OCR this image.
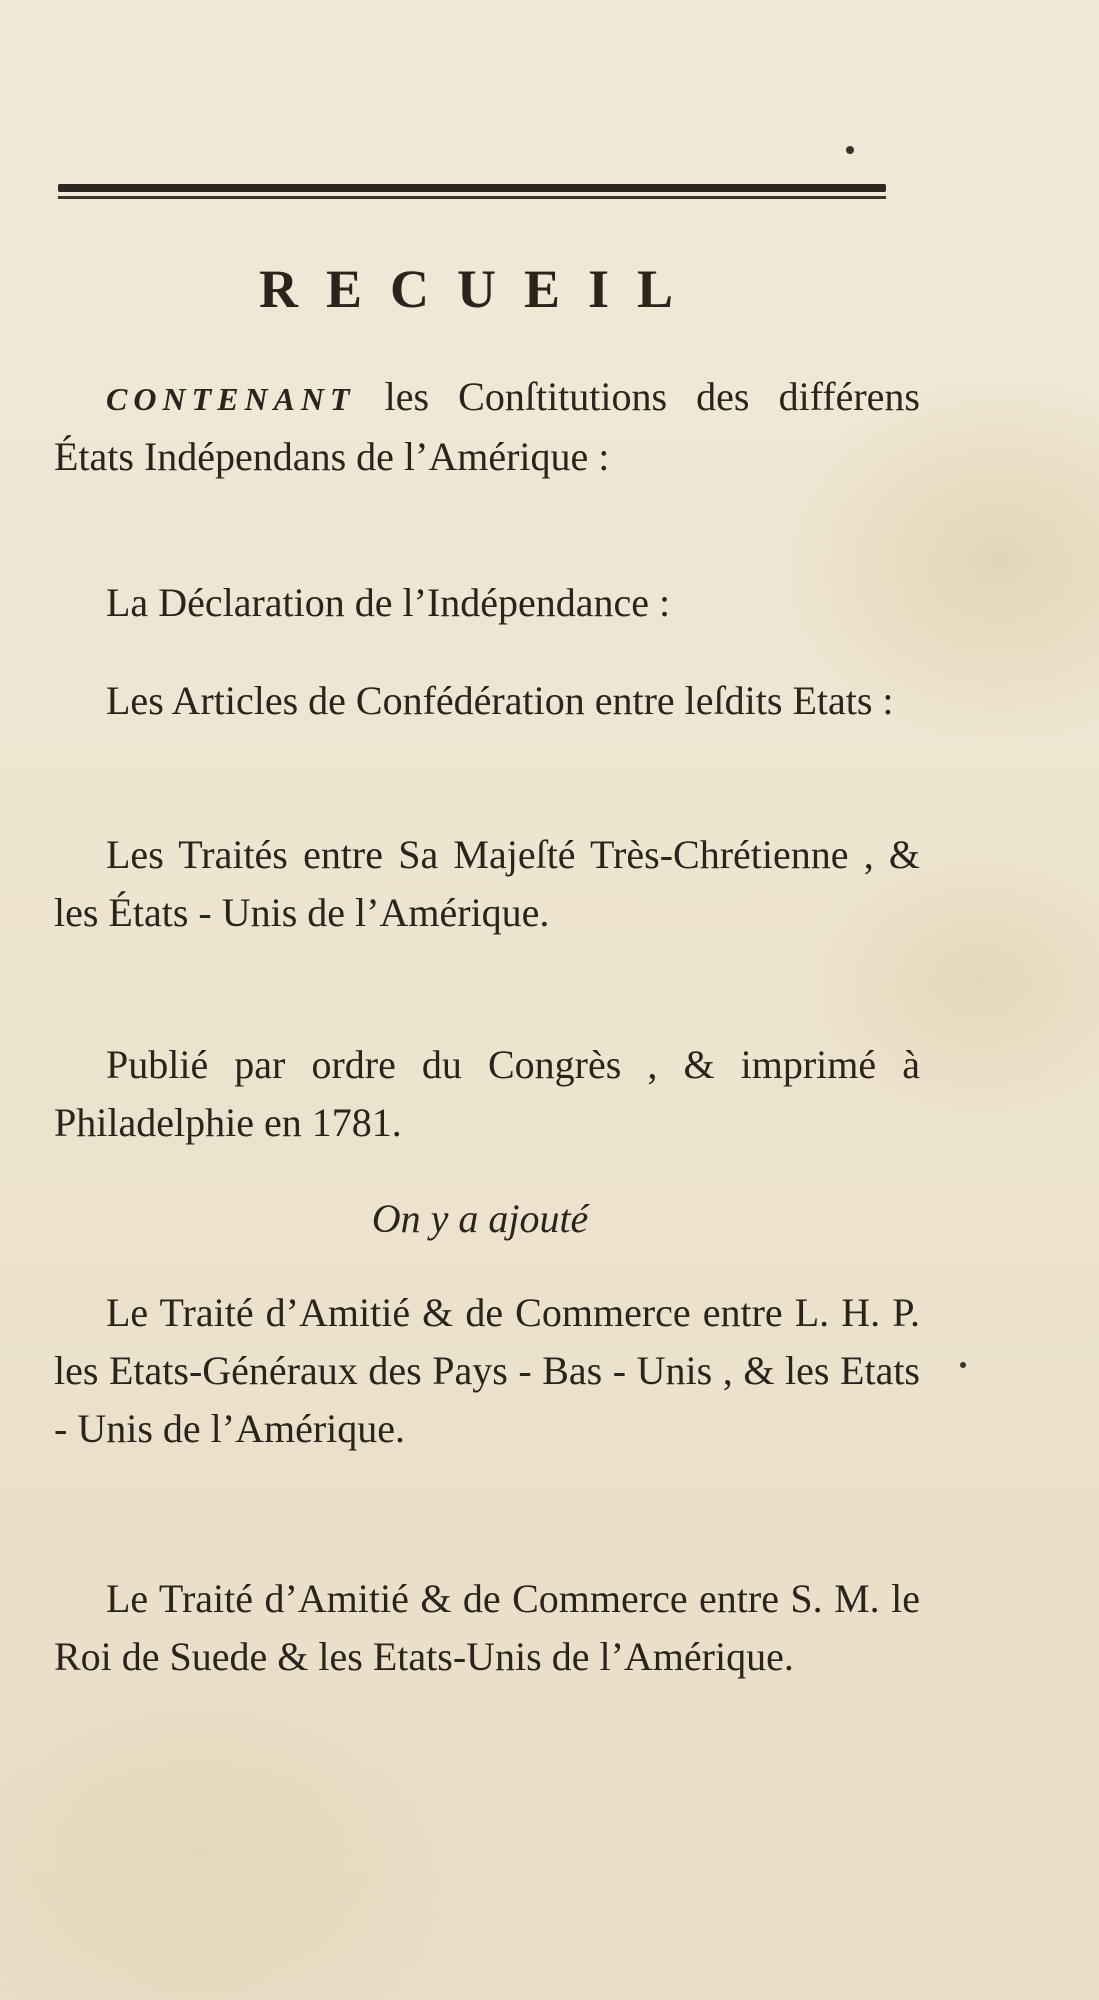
RECUEIL
CONTENANT les Conſtitutions des différens États Indépendans de l’Amérique :
La Déclaration de l’Indépendance :
Les Articles de Confédération entre leſdits Etats :
Les Traités entre Sa Majeſté Très-Chrétienne , & les États - Unis de l’Amérique.
Publié par ordre du Congrès , & imprimé à Philadelphie en 1781.
On y a ajouté
Le Traité d’Amitié & de Commerce entre L. H. P. les Etats-Généraux des Pays - Bas - Unis , & les Etats - Unis de l’Amérique.
Le Traité d’Amitié & de Commerce entre S. M. le Roi de Suede & les Etats-Unis de l’Amérique.
